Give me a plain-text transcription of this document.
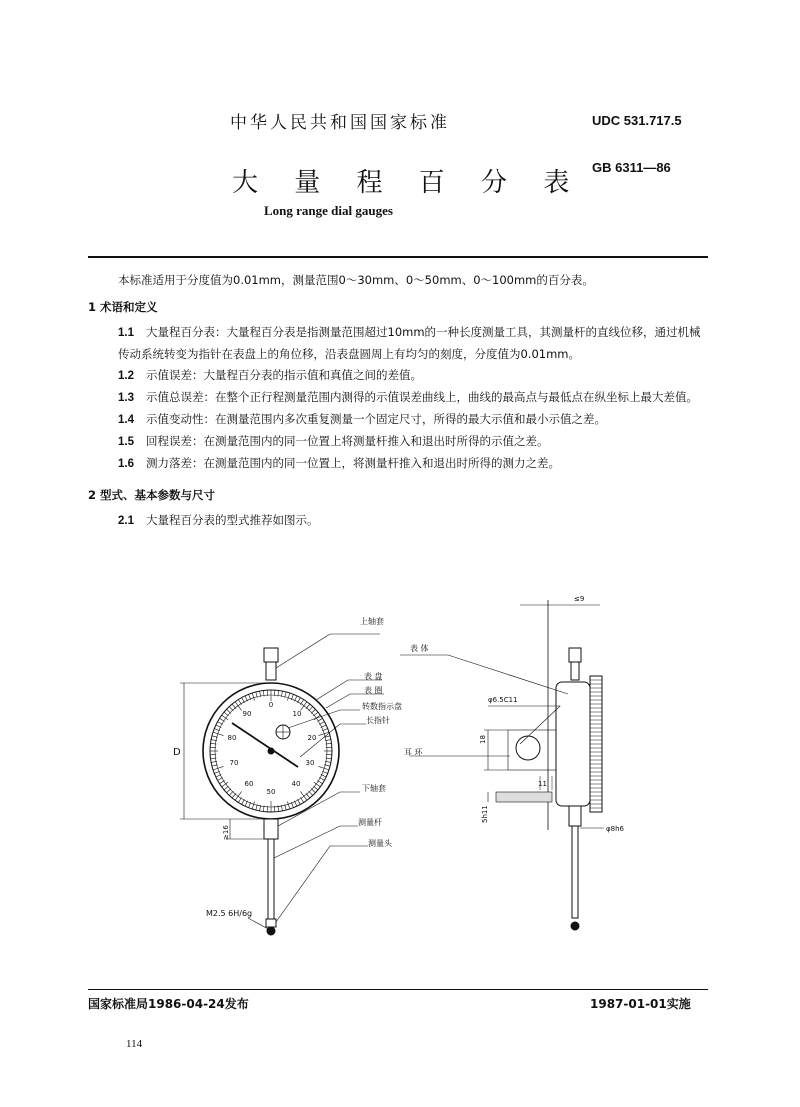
中华人民共和国国家标准	UDC 531.717.5
大 量 程 百 分 表
GB 6311—86
Long range dial gauges

本标准适用于分度值为0.01mm，测量范围0～30mm、0～50mm、0～100mm的百分表。

1 术语和定义

1.1 大量程百分表：大量程百分表是指测量范围超过10mm的一种长度测量工具，其测量杆的直线位移，通过机械传动系统转变为指针在表盘上的角位移，沿表盘圆周上有均匀的刻度，分度值为0.01mm。

1.2 示值误差：大量程百分表的指示值和真值之间的差值。

1.3 示值总误差：在整个正行程测量范围内测得的示值误差曲线上，曲线的最高点与最低点在纵坐标上最大差值。

1.4 示值变动性：在测量范围内多次重复测量一个固定尺寸，所得的最大示值和最小示值之差。

1.5 回程误差：在测量范围内的同一位置上将测量杆推入和退出时所得的示值之差。

1.6 测力落差：在测量范围内的同一位置上，将测量杆推入和退出时所得的测力之差。

2 型式、基本参数与尺寸

2.1 大量程百分表的型式推荐如图示。

上轴套
表 盘
表 圈
转数指示盘
长指针
下轴套
测量杆
测量头
表 体
耳 环
M2.5 6H/6g
D
≥16
≤9
φ6.5C11
18
11
5h11
φ8h6
0
10
20
30
40
50
60
70
80
90
国家标准局1986-04-24发布	1987-01-01实施
114
